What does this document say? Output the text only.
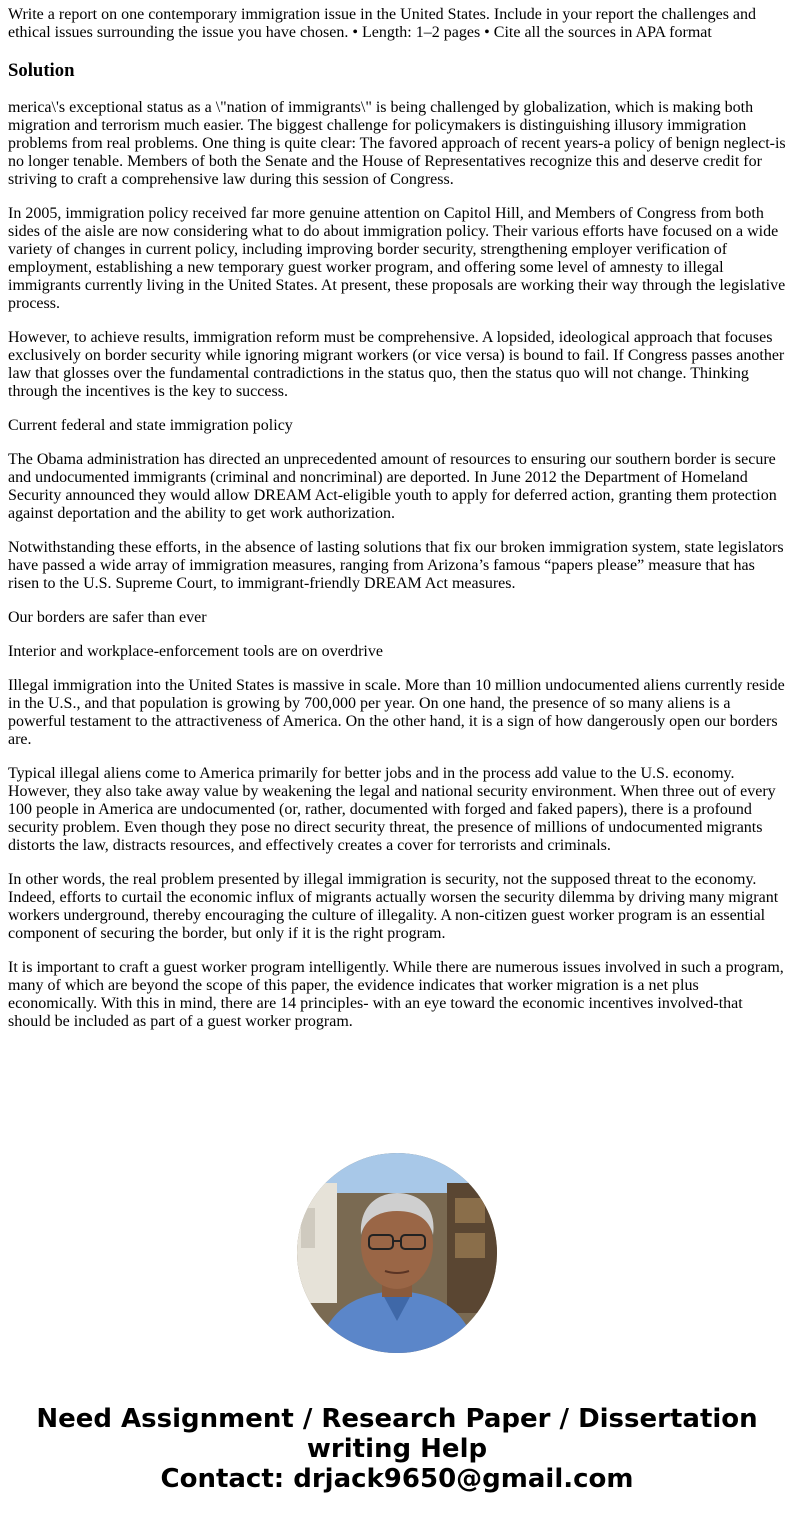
Write a report on one contemporary immigration issue in the United States. Include in your report the challenges and ethical issues surrounding the issue you have chosen. • Length: 1–2 pages • Cite all the sources in APA format
Solution

merica\'s exceptional status as a \"nation of immigrants\" is being challenged by globalization, which is making both migration and terrorism much easier. The biggest challenge for policymakers is distinguishing illusory immigration problems from real problems. One thing is quite clear: The favored approach of recent years-a policy of benign neglect-is no longer tenable. Members of both the Senate and the House of Representatives recognize this and deserve credit for striving to craft a comprehensive law during this session of Congress.

In 2005, immigration policy received far more genuine attention on Capitol Hill, and Members of Congress from both sides of the aisle are now considering what to do about immigration policy. Their various efforts have focused on a wide variety of changes in current policy, including improving border security, strengthening employer verification of employment, establishing a new temporary guest worker program, and offering some level of amnesty to illegal immigrants currently living in the United States. At present, these proposals are working their way through the legislative process.

However, to achieve results, immigration reform must be comprehensive. A lopsided, ideological approach that focuses exclusively on border security while ignoring migrant workers (or vice versa) is bound to fail. If Congress passes another law that glosses over the fundamental contradictions in the status quo, then the status quo will not change. Thinking through the incentives is the key to success.

Current federal and state immigration policy

The Obama administration has directed an unprecedented amount of resources to ensuring our southern border is secure and undocumented immigrants (criminal and noncriminal) are deported. In June 2012 the Department of Homeland Security announced they would allow DREAM Act-eligible youth to apply for deferred action, granting them protection against deportation and the ability to get work authorization.

Notwithstanding these efforts, in the absence of lasting solutions that fix our broken immigration system, state legislators have passed a wide array of immigration measures, ranging from Arizona’s famous “papers please” measure that has risen to the U.S. Supreme Court, to immigrant-friendly DREAM Act measures.

Our borders are safer than ever

Interior and workplace-enforcement tools are on overdrive

Illegal immigration into the United States is massive in scale. More than 10 million undocumented aliens currently reside in the U.S., and that population is growing by 700,000 per year. On one hand, the presence of so many aliens is a powerful testament to the attractiveness of America. On the other hand, it is a sign of how dangerously open our borders are.

Typical illegal aliens come to America primarily for better jobs and in the process add value to the U.S. economy. However, they also take away value by weakening the legal and national security environment. When three out of every 100 people in America are undocumented (or, rather, documented with forged and faked papers), there is a profound security problem. Even though they pose no direct security threat, the presence of millions of undocumented migrants distorts the law, distracts resources, and effectively creates a cover for terrorists and criminals.

In other words, the real problem presented by illegal immigration is security, not the supposed threat to the economy. Indeed, efforts to curtail the economic influx of migrants actually worsen the security dilemma by driving many migrant workers underground, thereby encouraging the culture of illegality. A non-citizen guest worker program is an essential component of securing the border, but only if it is the right program.

It is important to craft a guest worker program intelligently. While there are numerous issues involved in such a program, many of which are beyond the scope of this paper, the evidence indicates that worker migration is a net plus economically. With this in mind, there are 14 principles- with an eye toward the economic incentives involved-that should be included as part of a guest worker program.

Need Assignment / Research Paper / Dissertation
writing Help
Contact: drjack9650@gmail.com
